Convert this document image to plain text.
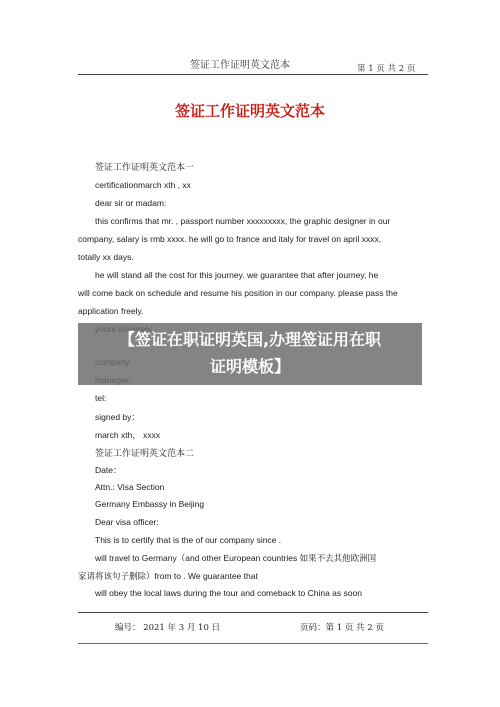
签证工作证明英文范本	第 1 页 共 2 页
签证工作证明英文范本
签证工作证明英文范本一
certificationmarch xth , xx
dear sir or madam:
this confirms that mr. , passport number xxxxxxxxx, the graphic designer in our
company, salary is rmb xxxx. he will go to france and italy for travel on april xxxx,
totally xx days.
he will stand all the cost for this journey. we guarantee that after journey, he
will come back on schedule and resume his position in our company. please pass the
application freely.
tel:
signed by：
march xth， xxxx
签证工作证明英文范本二
Date：
Attn.: Visa Section
Germany Embassy in Beijing
Dear visa officer:
This is to certify that is the of our company since .
will travel to Germany（and other European countries 如果不去其他欧洲国
家请将该句子删除）from to . We guarantee that
will obey the local laws during the tour and comeback to China as soon
编号： 2021 年 3 月 10 日	页码：第 1 页 共 2 页
【签证在职证明英国,办理签证用在职
证明模板】
